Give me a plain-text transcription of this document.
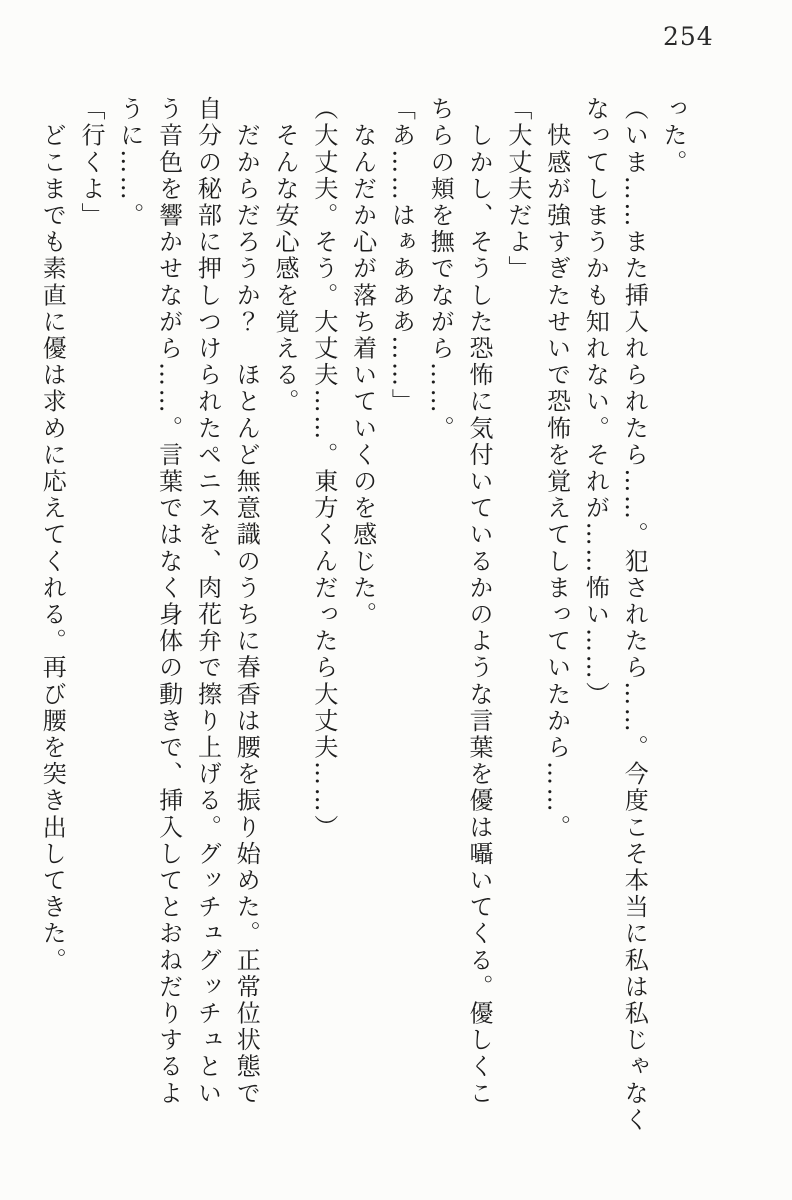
254

った。

（いま……また挿入れられたら……。犯されたら……。今度こそ本当に私は私じゃなく

なってしまうかも知れない。それが……怖い……）

　快感が強すぎたせいで恐怖を覚えてしまっていたから……。

「大丈夫だよ」

　しかし、そうした恐怖に気付いているかのような言葉を優は囁いてくる。優しくこ

ちらの頬を撫でながら……。

「あ……はぁあああ……」

　なんだか心が落ち着いていくのを感じた。

（大丈夫。そう。大丈夫……。東方くんだったら大丈夫……）

　そんな安心感を覚える。

　だからだろうか？　ほとんど無意識のうちに春香は腰を振り始めた。正常位状態で

自分の秘部に押しつけられたペニスを、肉花弁で擦り上げる。グッチュグッチュとい

う音色を響かせながら……。言葉ではなく身体の動きで、挿入してとおねだりするよ

うに……。

「行くよ」

　どこまでも素直に優は求めに応えてくれる。再び腰を突き出してきた。
